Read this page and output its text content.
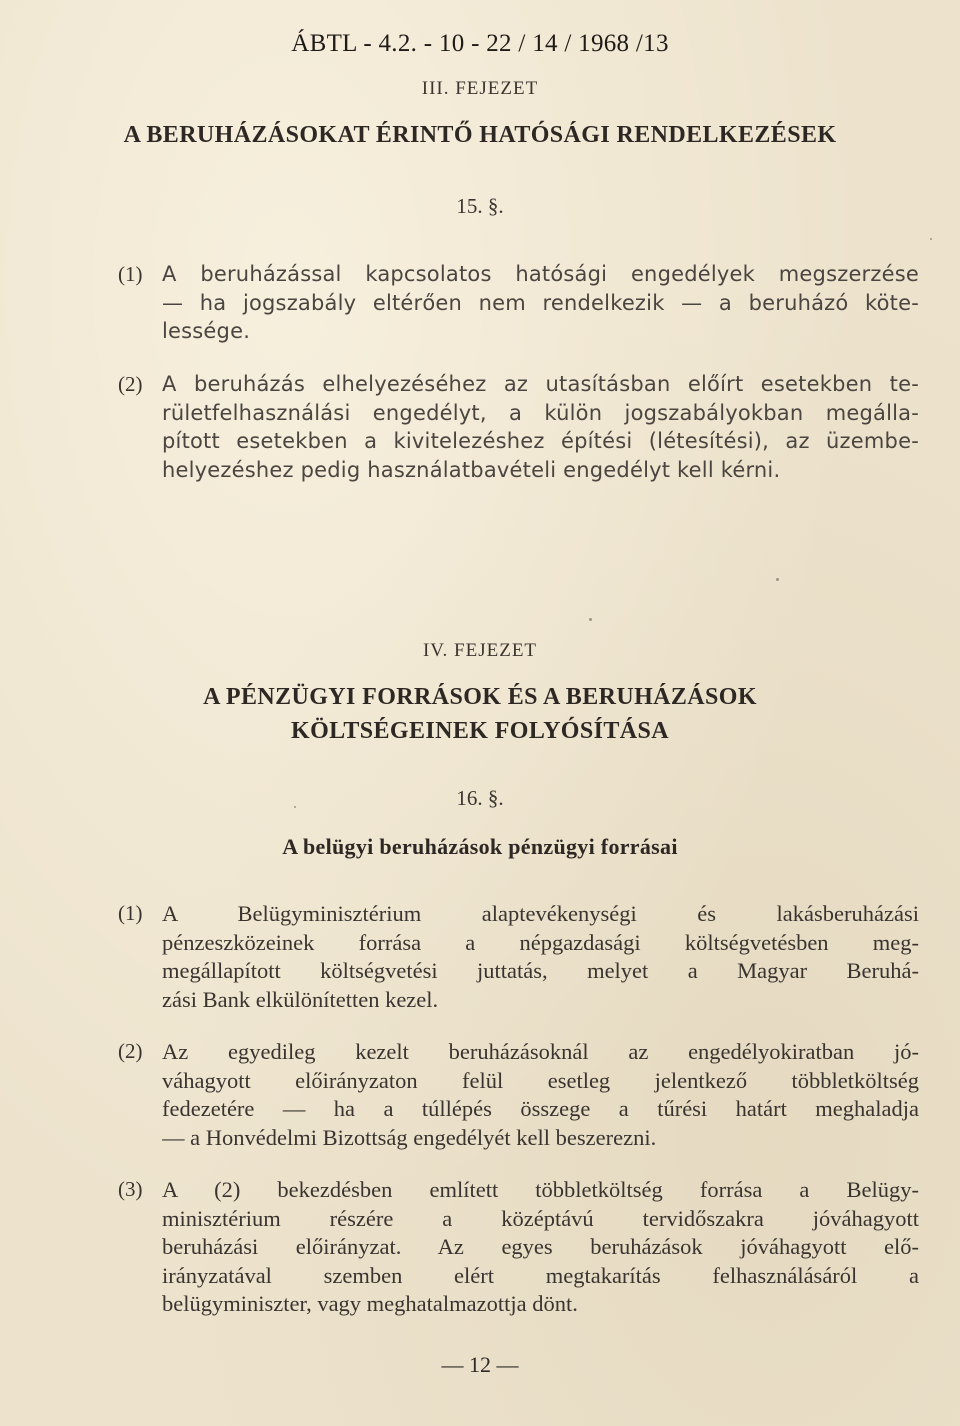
ÁBTL - 4.2. - 10 - 22 / 14 / 1968 /13
III. FEJEZET
A BERUHÁZÁSOKAT ÉRINTŐ HATÓSÁGI RENDELKEZÉSEK
15. §.
(1) A beruházással kapcsolatos hatósági engedélyek megszerzése
— ha jogszabály eltérően nem rendelkezik — a beruházó köte-
lessége.
(2) A beruházás elhelyezéséhez az utasításban előírt esetekben te-
rületfelhasználási engedélyt, a külön jogszabályokban megálla-
pított esetekben a kivitelezéshez építési (létesítési), az üzembe-
helyezéshez pedig használatbavételi engedélyt kell kérni.
IV. FEJEZET
A PÉNZÜGYI FORRÁSOK ÉS A BERUHÁZÁSOK
KÖLTSÉGEINEK FOLYÓSÍTÁSA
16. §.
A belügyi beruházások pénzügyi forrásai
(1) A Belügyminisztérium alaptevékenységi és lakásberuházási
pénzeszközeinek forrása a népgazdasági költségvetésben meg-
megállapított költségvetési juttatás, melyet a Magyar Beruhá-
zási Bank elkülönítetten kezel.
(2) Az egyedileg kezelt beruházásoknál az engedélyokiratban jó-
váhagyott előirányzaton felül esetleg jelentkező többletköltség
fedezetére — ha a túllépés összege a tűrési határt meghaladja
— a Honvédelmi Bizottság engedélyét kell beszerezni.
(3) A (2) bekezdésben említett többletköltség forrása a Belügy-
minisztérium részére a középtávú tervidőszakra jóváhagyott
beruházási előirányzat. Az egyes beruházások jóváhagyott elő-
irányzatával szemben elért megtakarítás felhasználásáról a
belügyminiszter, vagy meghatalmazottja dönt.
— 12 —
